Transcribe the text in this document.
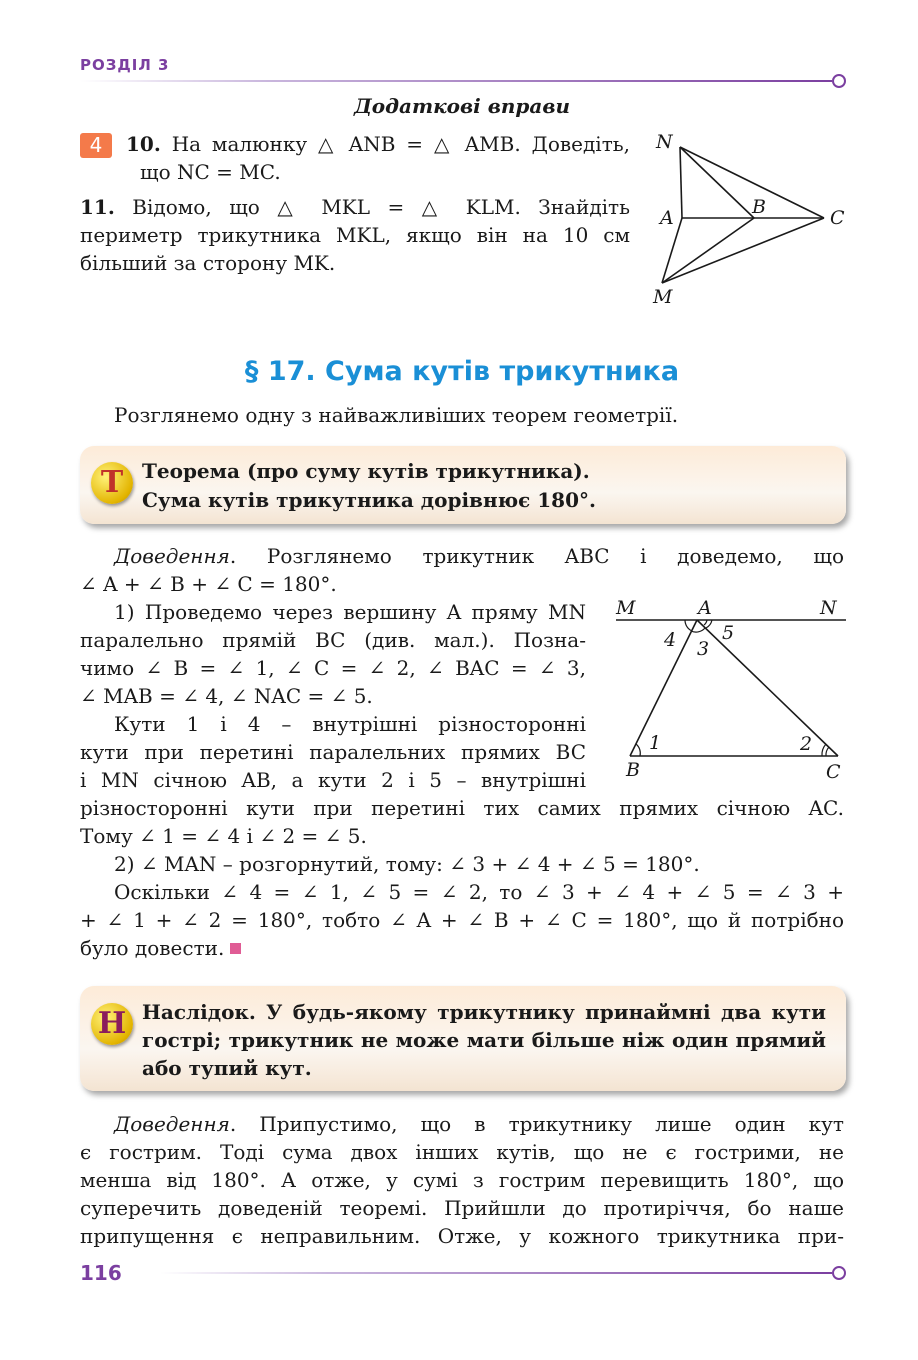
РОЗДІЛ 3
Додаткові вправи
4	10. На малюнку △ ANB = △ AMB. Доведіть,
що NC = MC.
11. Відомо, що △ MKL = △ KLM. Знайдіть
периметр трикутника MKL, якщо він на 10 см
більший за сторону MK.
N
A	B	C
M
§ 17. Сума кутів трикутника
Розглянемо одну з найважливіших теорем геометрії.
Т Теорема (про суму кутів трикутника).
Сума кутів трикутника дорівнює 180°.
Доведення. Розглянемо трикутник ABC і доведемо, що
∠ A + ∠ B + ∠ C = 180°.
1) Проведемо через вершину A пряму MN
паралельно прямій BC (див. мал.). Позна-
чимо ∠ B = ∠ 1, ∠ C = ∠ 2, ∠ BAC = ∠ 3,
∠ MAB = ∠ 4, ∠ NAC = ∠ 5.
Кути 1 і 4 – внутрішні різносторонні
кути при перетині паралельних прямих BC
і MN січною AB, а кути 2 і 5 – внутрішні
різносторонні кути при перетині тих самих прямих січною AC.
Тому ∠ 1 = ∠ 4 і ∠ 2 = ∠ 5.
2) ∠ MAN – розгорнутий, тому: ∠ 3 + ∠ 4 + ∠ 5 = 180°.
Оскільки ∠ 4 = ∠ 1, ∠ 5 = ∠ 2, то ∠ 3 + ∠ 4 + ∠ 5 = ∠ 3 +
+ ∠ 1 + ∠ 2 = 180°, тобто ∠ A + ∠ B + ∠ C = 180°, що й потрібно
було довести.
M	A	N
B	C
1	2
3
4 5
Н Наслідок. У будь-якому трикутнику принаймні два кути
гострі; трикутник не може мати більше ніж один прямий
або тупий кут.
Доведення. Припустимо, що в трикутнику лише один кут
є гострим. Тоді сума двох інших кутів, що не є гострими, не
менша від 180°. А отже, у сумі з гострим перевищить 180°, що
суперечить доведеній теоремі. Прийшли до протиріччя, бо наше
припущення є неправильним. Отже, у кожного трикутника при-
116
